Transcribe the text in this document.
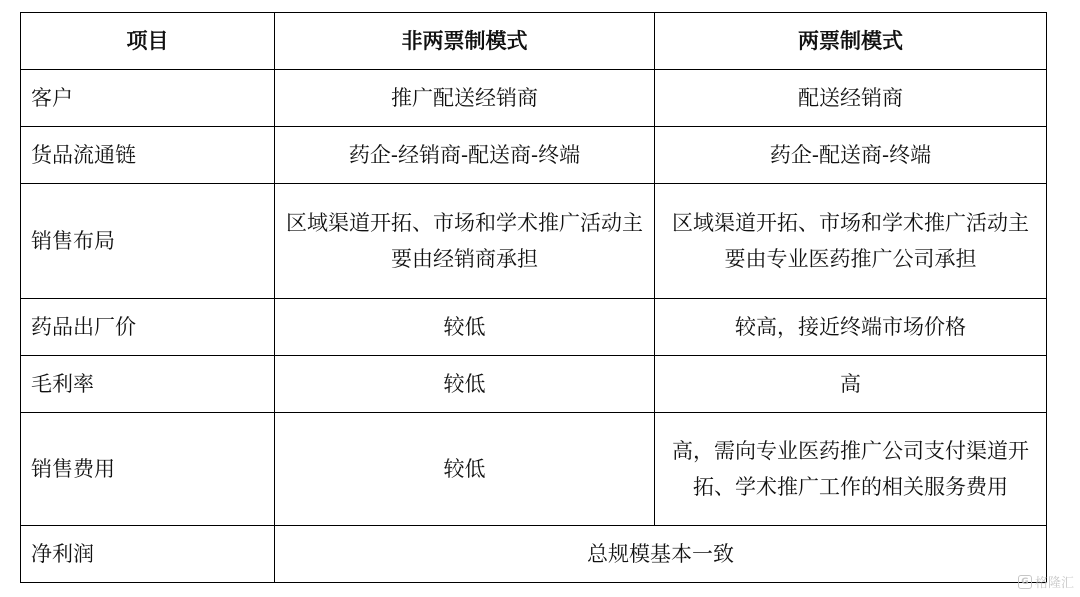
项目	非两票制模式	两票制模式
客户	推广配送经销商	配送经销商
货品流通链	药企-经销商-配送商-终端	药企-配送商-终端
销售布局	区域渠道开拓、市场和学术推广活动主要由经销商承担	区域渠道开拓、市场和学术推广活动主要由专业医药推广公司承担
药品出厂价	较低	较高，接近终端市场价格
毛利率	较低	高
销售费用	较低	高，需向专业医药推广公司支付渠道开拓、学术推广工作的相关服务费用
净利润	总规模基本一致	
G 格隆汇
